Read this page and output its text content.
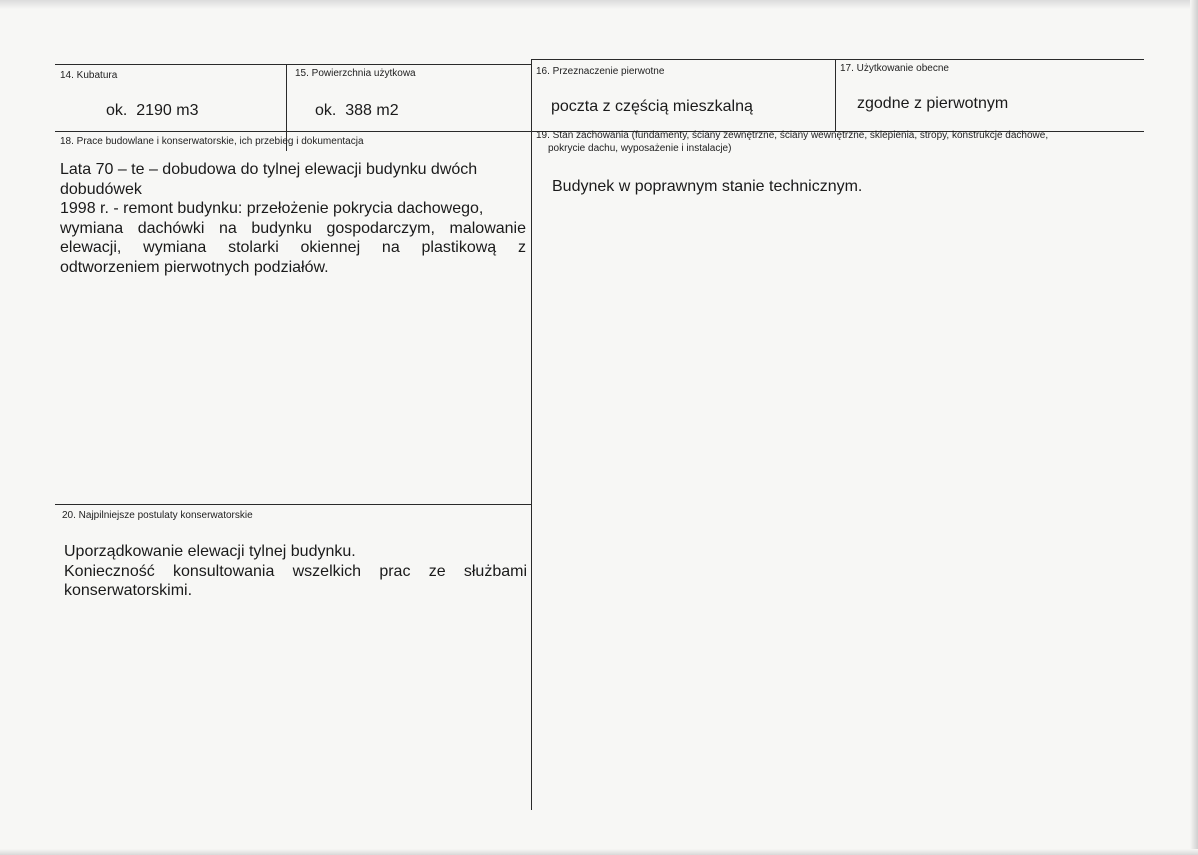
14. Kubatura
ok.  2190 m3
15. Powierzchnia użytkowa
ok.  388 m2
16. Przeznaczenie pierwotne
poczta z częścią mieszkalną
17. Użytkowanie obecne
zgodne z pierwotnym
18. Prace budowlane i konserwatorskie, ich przebieg i dokumentacja
Lata 70 – te – dobudowa do tylnej elewacji budynku dwóch
dobudówek
1998 r. - remont budynku: przełożenie pokrycia dachowego,
wymiana dachówki na budynku gospodarczym, malowanie
elewacji, wymiana stolarki okiennej na plastikową z
odtworzeniem pierwotnych podziałów.
19. Stan zachowania (fundamenty, ściany zewnętrzne, ściany wewnętrzne, sklepienia, stropy, konstrukcje dachowe,
pokrycie dachu, wyposażenie i instalacje)
Budynek w poprawnym stanie technicznym.
20. Najpilniejsze postulaty konserwatorskie
Uporządkowanie elewacji tylnej budynku.
Konieczność konsultowania wszelkich prac ze służbami
konserwatorskimi.
